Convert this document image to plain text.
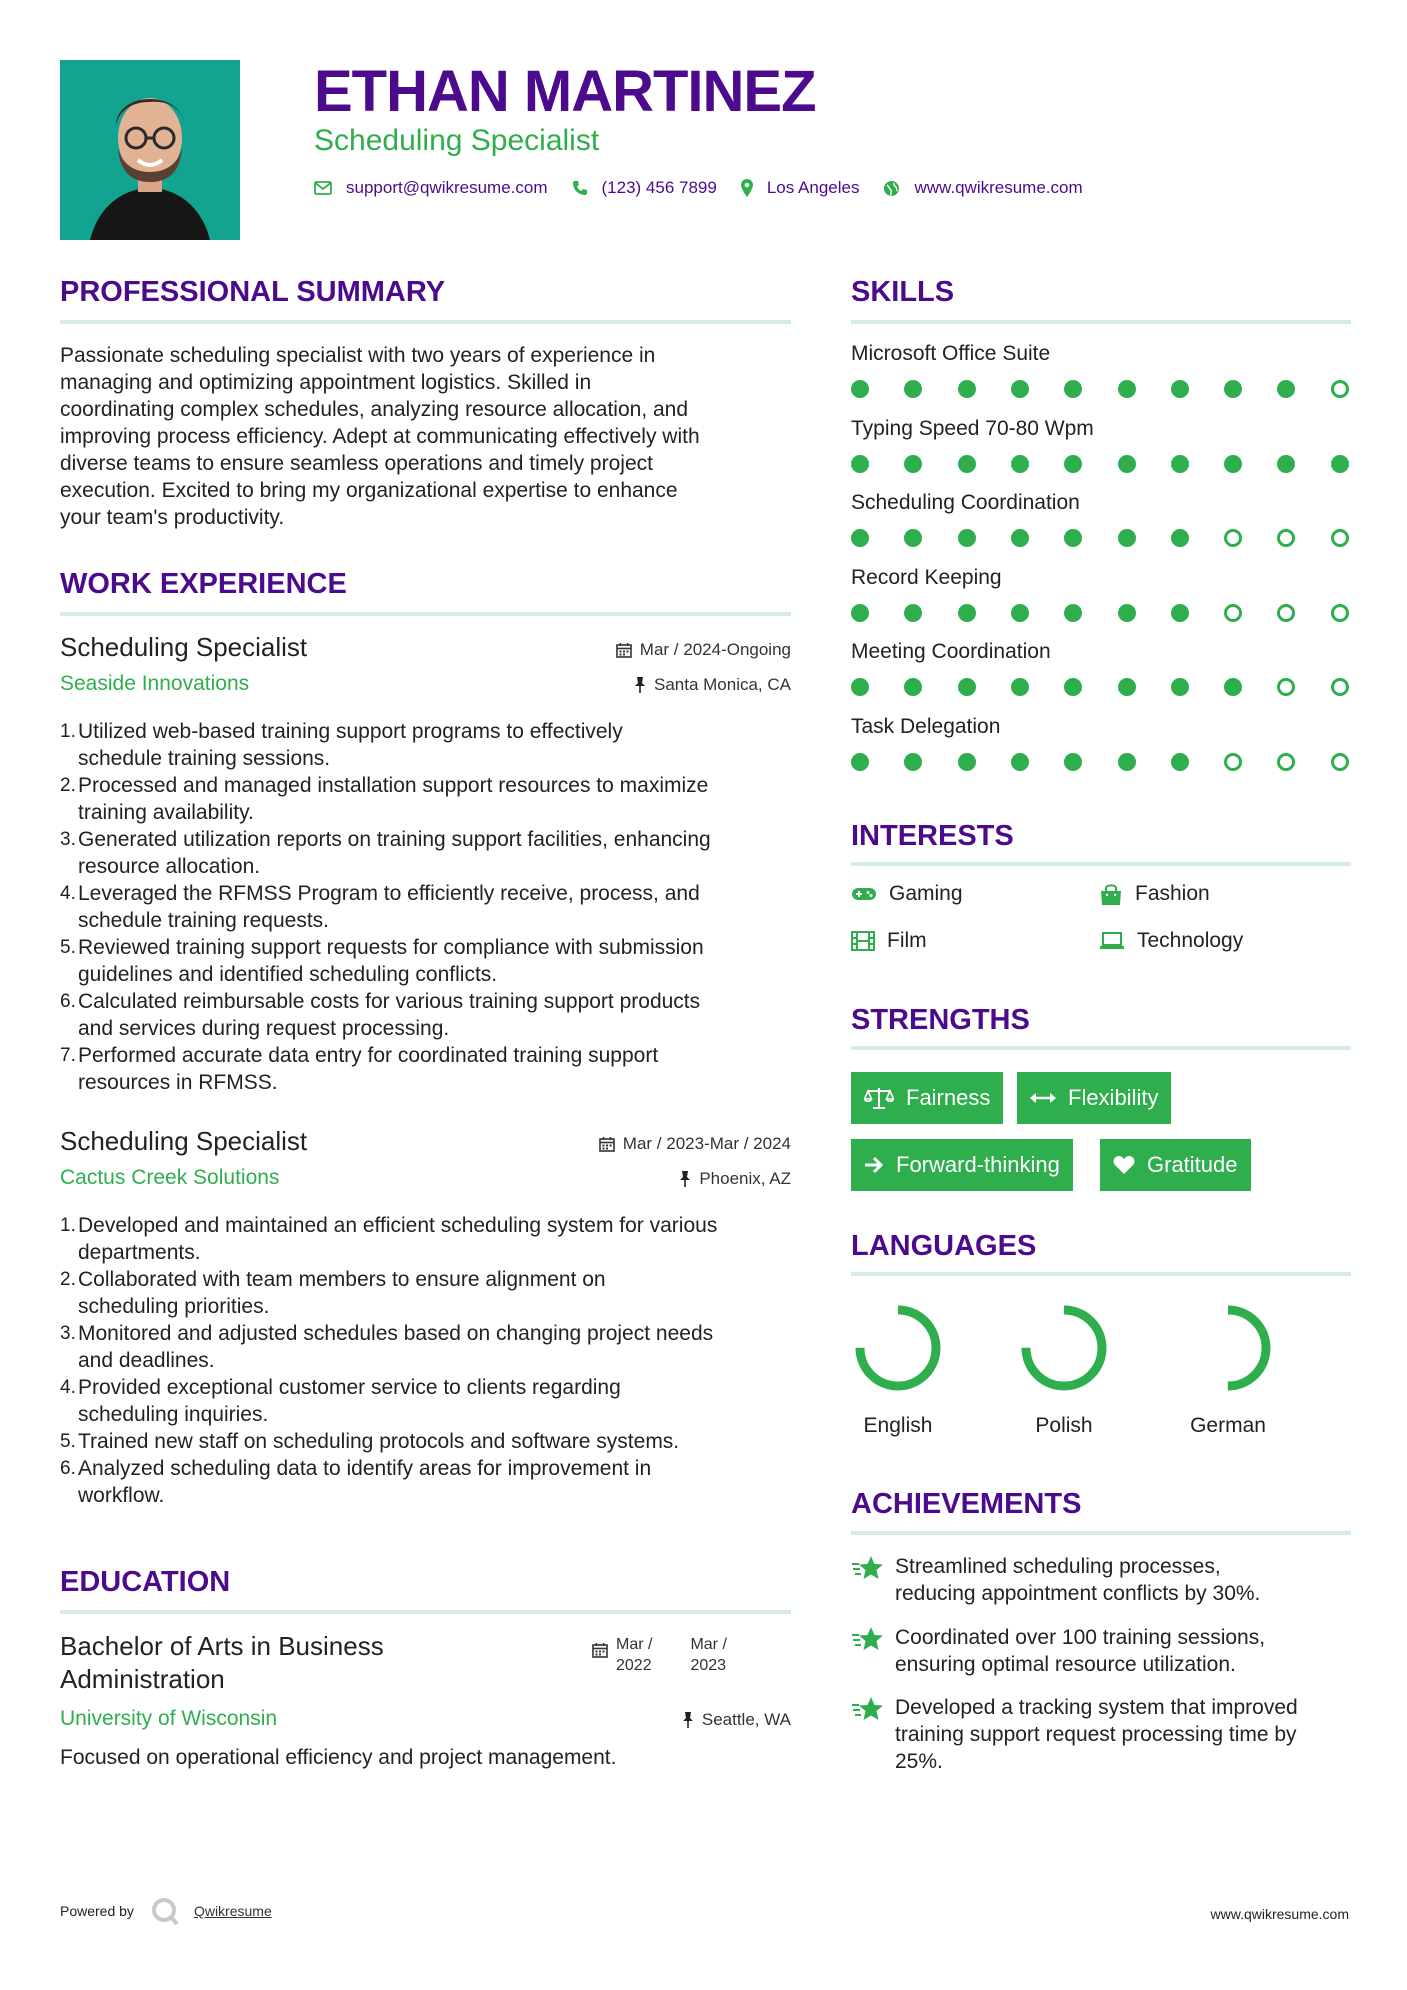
ETHAN MARTINEZ
Scheduling Specialist
support@qwikresume.com	(123) 456 7899	Los Angeles	www.qwikresume.com
PROFESSIONAL SUMMARY
Passionate scheduling specialist with two years of experience in
managing and optimizing appointment logistics. Skilled in
coordinating complex schedules, analyzing resource allocation, and
improving process efficiency. Adept at communicating effectively with
diverse teams to ensure seamless operations and timely project
execution. Excited to bring my organizational expertise to enhance
your team's productivity.
WORK EXPERIENCE
Scheduling Specialist
Seaside Innovations
Mar / 2024-Ongoing
Santa Monica, CA
1. Utilized web-based training support programs to effectively
schedule training sessions.
2. Processed and managed installation support resources to maximize
training availability.
3. Generated utilization reports on training support facilities, enhancing
resource allocation.
4. Leveraged the RFMSS Program to efficiently receive, process, and
schedule training requests.
5. Reviewed training support requests for compliance with submission
guidelines and identified scheduling conflicts.
6. Calculated reimbursable costs for various training support products
and services during request processing.
7. Performed accurate data entry for coordinated training support
resources in RFMSS.
Scheduling Specialist
Cactus Creek Solutions
Mar / 2023-Mar / 2024
Phoenix, AZ
1. Developed and maintained an efficient scheduling system for various
departments.
2. Collaborated with team members to ensure alignment on
scheduling priorities.
3. Monitored and adjusted schedules based on changing project needs
and deadlines.
4. Provided exceptional customer service to clients regarding
scheduling inquiries.
5. Trained new staff on scheduling protocols and software systems.
6. Analyzed scheduling data to identify areas for improvement in
workflow.
EDUCATION
Bachelor of Arts in Business
Administration
University of Wisconsin
Mar /
2022
Mar /
2023
Seattle, WA
Focused on operational efficiency and project management.
SKILLS
Microsoft Office Suite
Typing Speed 70-80 Wpm
Scheduling Coordination
Record Keeping
Meeting Coordination
Task Delegation
INTERESTS
Gaming	Fashion
Film	Technology
STRENGTHS
Fairness	Flexibility
Forward-thinking	Gratitude
LANGUAGES
English	Polish	German
ACHIEVEMENTS
Streamlined scheduling processes,
reducing appointment conflicts by 30%.
Coordinated over 100 training sessions,
ensuring optimal resource utilization.
Developed a tracking system that improved
training support request processing time by
25%.
Powered by	Qwikresume	www.qwikresume.com
